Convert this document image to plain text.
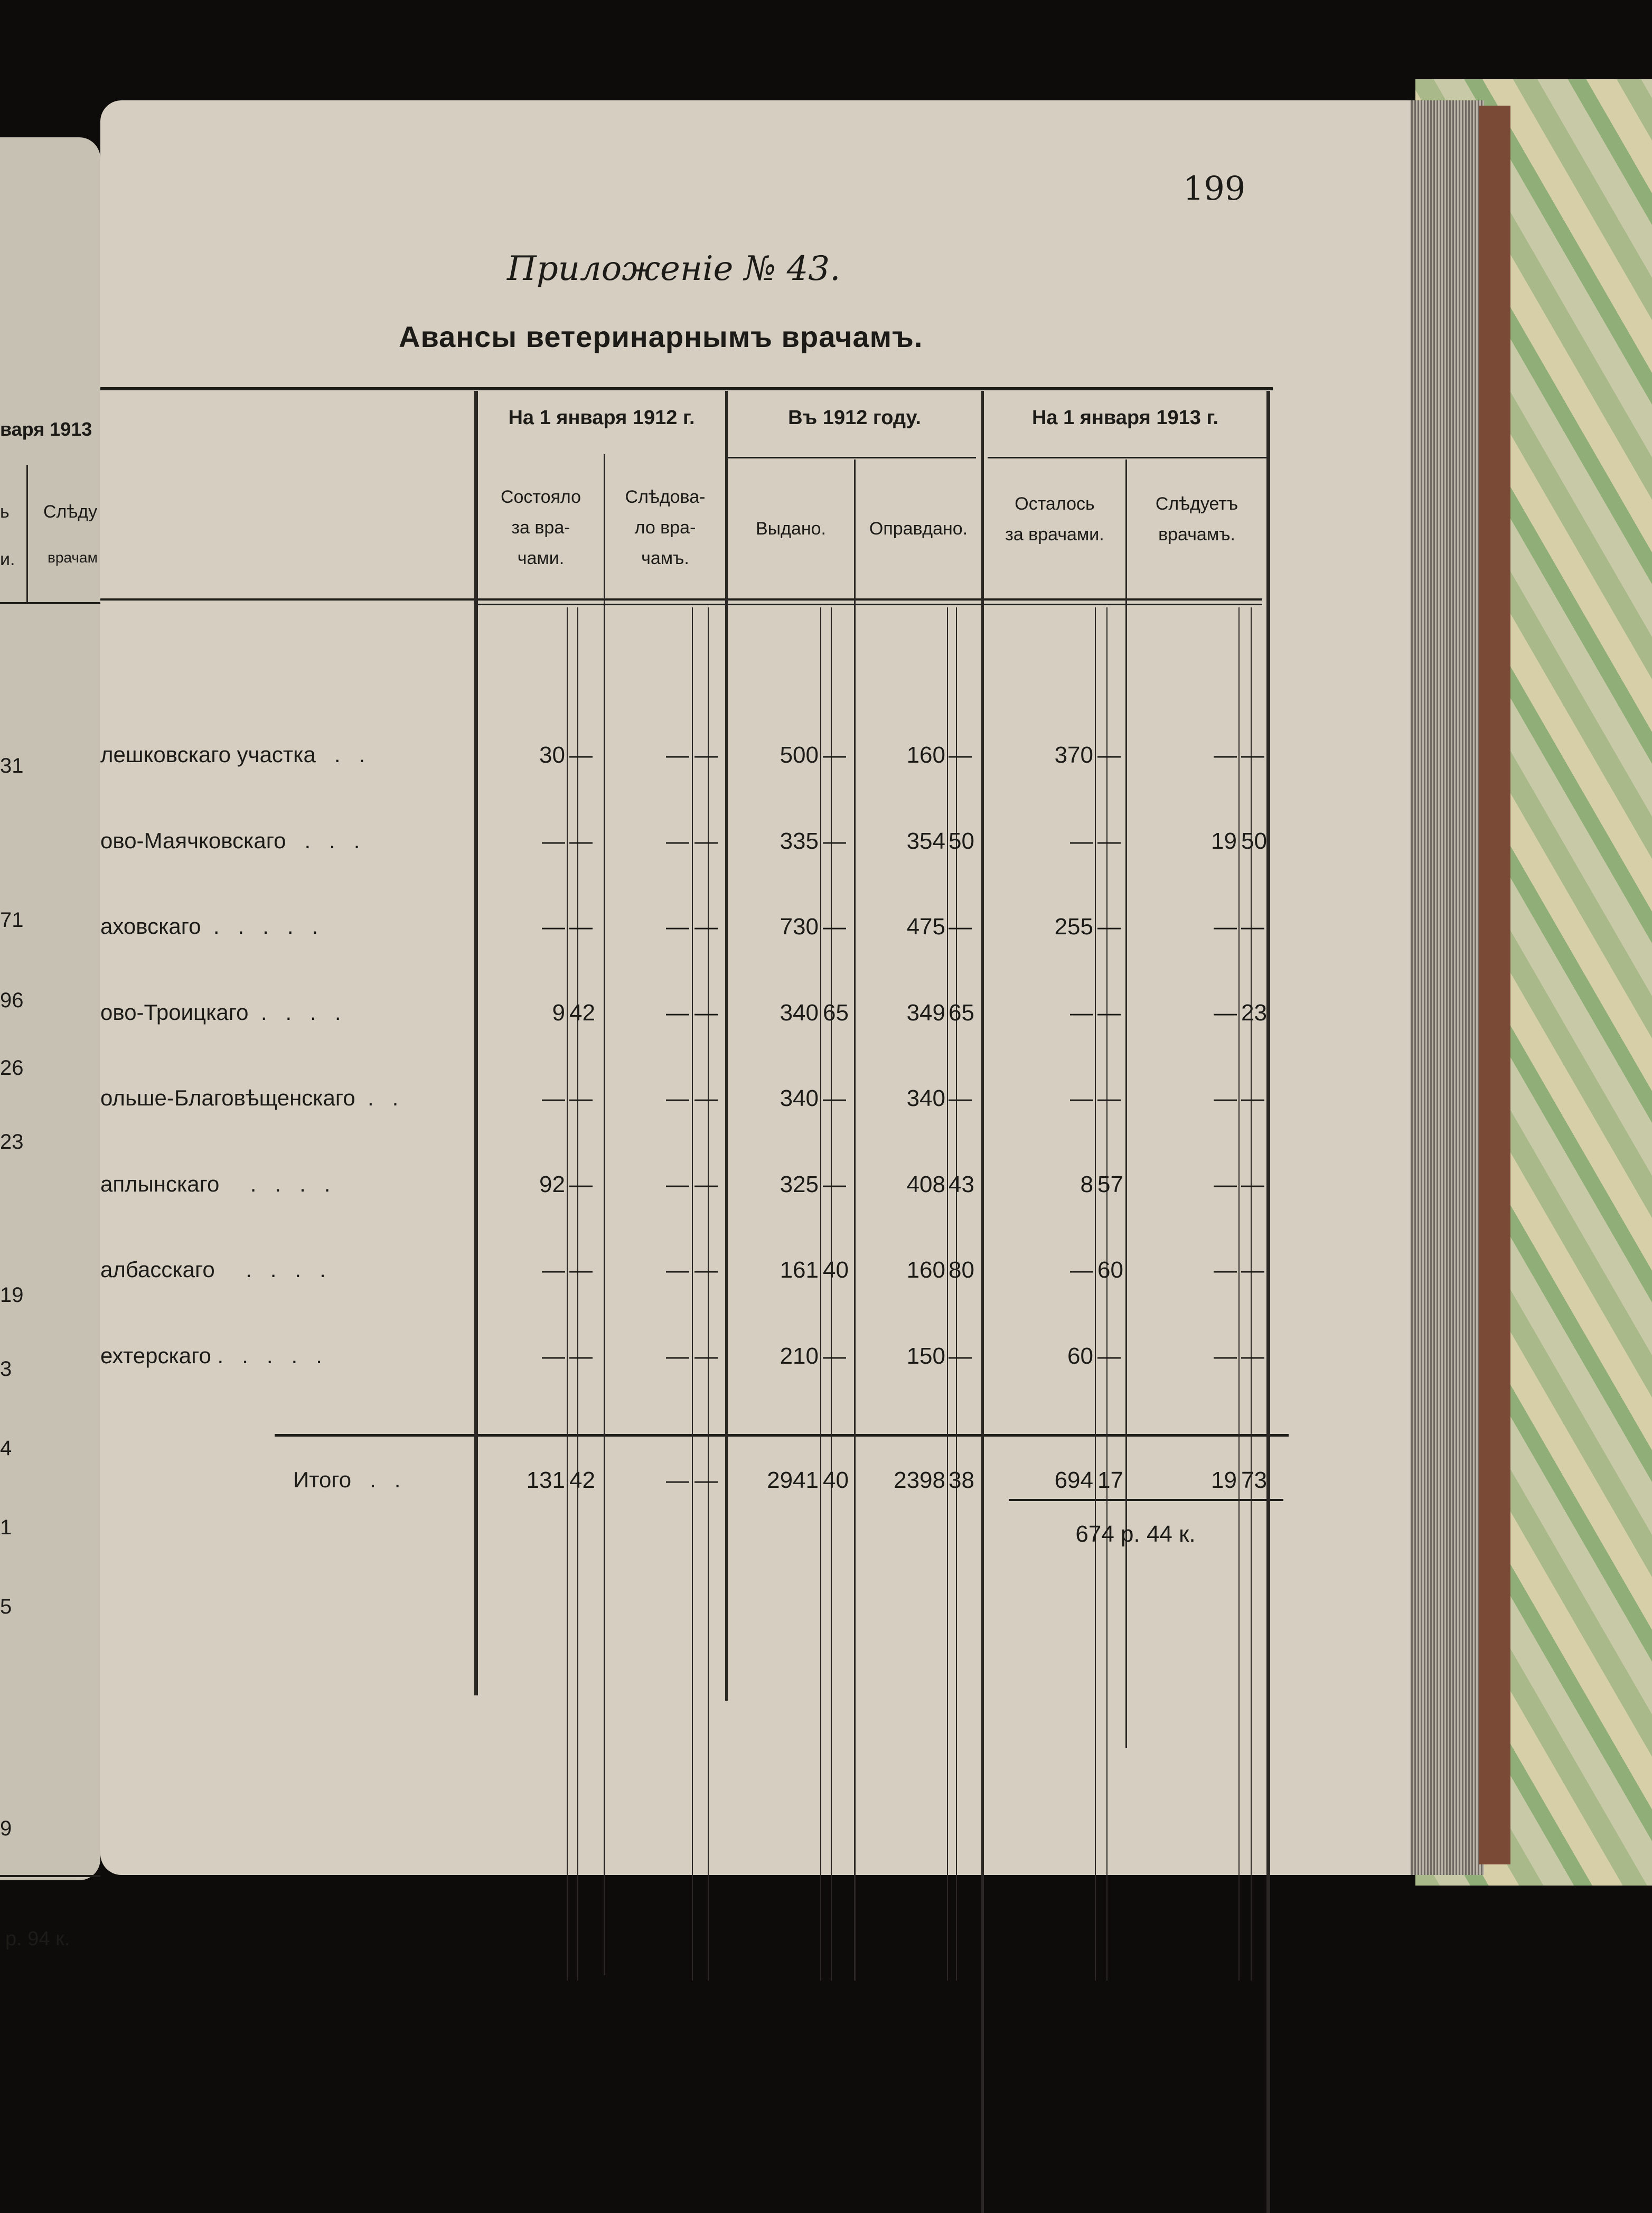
варя 1913
ь Слѣду
и. врачам
31
71
96
26
23
19
3
4
1
5
9
р. 94 к.
199
Приложенiе № 43.
Авансы ветеринарнымъ врачамъ.
На 1 января 1912 г.	Въ 1912 году.	На 1 января 1913 г.
Состояло
за вра-
чами.
Слѣдова-
ло вра-
чамъ.
Выдано.	Оправдано.
Осталось
за врачами.
Слѣдуетъ
врачамъ.
лешковскаго участка   .   .	30 —	— —	500 —	160 —	370 —	— —
ово-Маячковскаго   .   .   .	— —	— —	335 —	354 50	— —	19 50
аховскаго  .   .   .   .   .	— —	— —	730 —	475 —	255 —	— —
ово-Троицкаго  .   .   .   .	9 42	— —	340 65	349 65	— —	— 23
ольше-Благовѣщенскаго  .   .	— —	— —	340 —	340 —	— —	— —
аплынскаго     .   .   .   .	92 —	— —	325 —	408 43	8 57	— —
албасскаго     .   .   .   .	— —	— —	161 40	160 80	— 60	— —
ехтерскаго .   .   .   .   .	— —	— —	210 —	150 —	60 —	— —
Итого   .   .	131 42	— —	2941 40	2398 38	694 17	19 73
674 р. 44 к.
